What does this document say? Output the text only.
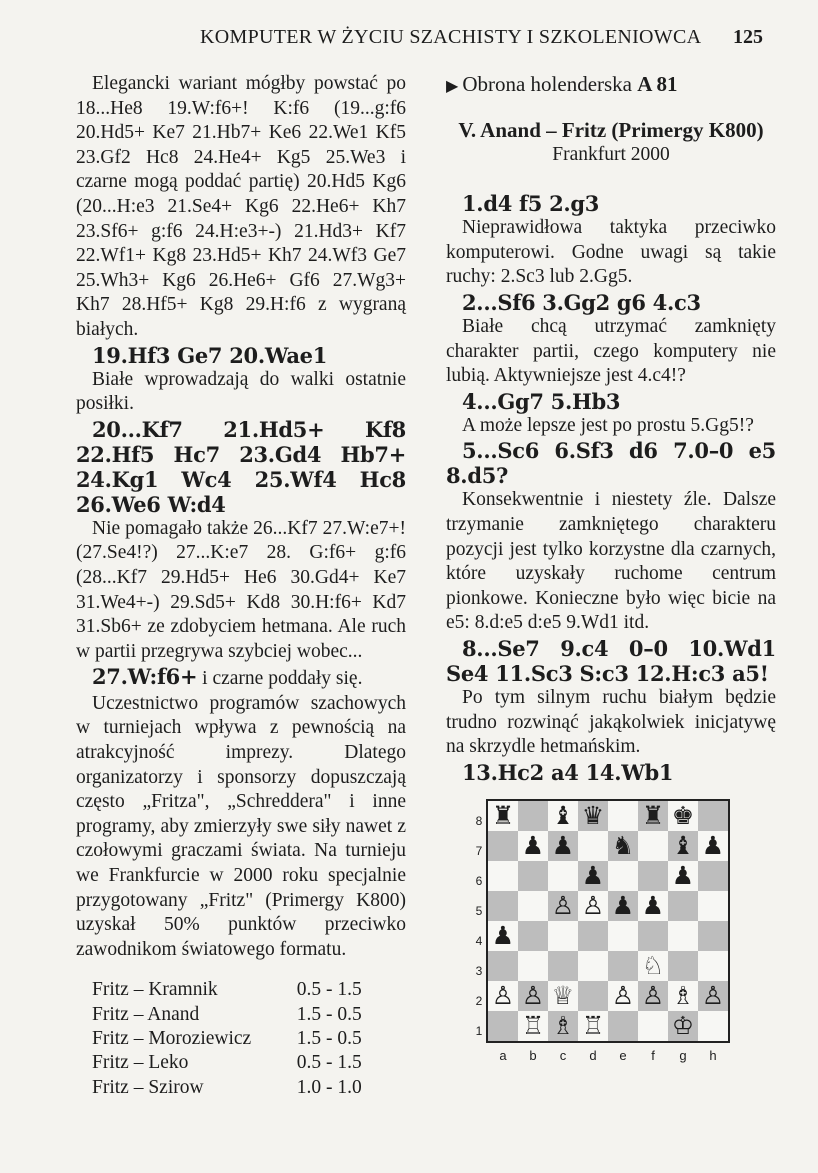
KOMPUTER W ŻYCIU SZACHISTY I SZKOLENIOWCA 125

Elegancki wariant mógłby powstać po 18...He8 19.W:f6+! K:f6 (19...g:f6 20.Hd5+ Ke7 21.Hb7+ Ke6 22.We1 Kf5 23.Gf2 Hc8 24.He4+ Kg5 25.We3 i czarne mogą poddać partię) 20.Hd5 Kg6 (20...H:e3 21.Se4+ Kg6 22.He6+ Kh7 23.Sf6+ g:f6 24.H:e3+-) 21.Hd3+ Kf7 22.Wf1+ Kg8 23.Hd5+ Kh7 24.Wf3 Ge7 25.Wh3+ Kg6 26.He6+ Gf6 27.Wg3+ Kh7 28.Hf5+ Kg8 29.H:f6 z wygraną białych.

19.Hf3 Ge7 20.Wae1

Białe wprowadzają do walki ostatnie posiłki.

20...Kf7 21.Hd5+ Kf8 22.Hf5 Hc7 23.Gd4 Hb7+ 24.Kg1 Wc4 25.Wf4 Hc8 26.We6 W:d4

Nie pomagało także 26...Kf7 27.W:e7+! (27.Se4!?) 27...K:e7 28. G:f6+ g:f6 (28...Kf7 29.Hd5+ He6 30.Gd4+ Ke7 31.We4+-) 29.Sd5+ Kd8 30.H:f6+ Kd7 31.Sb6+ ze zdobyciem hetmana. Ale ruch w partii przegrywa szybciej wobec...

27.W:f6+ i czarne poddały się.

Uczestnictwo programów szachowych w turniejach wpływa z pewnością na atrakcyjność imprezy. Dlatego organizatorzy i sponsorzy dopuszczają często „Fritza", „Schreddera" i inne programy, aby zmierzyły swe siły nawet z czołowymi graczami świata. Na turnieju we Frankfurcie w 2000 roku specjalnie przygotowany „Fritz" (Primergy K800) uzyskał 50% punktów przeciwko zawodnikom światowego formatu.

Fritz – Kramnik	0.5 - 1.5
Fritz – Anand	1.5 - 0.5
Fritz – Moroziewicz	1.5 - 0.5
Fritz – Leko	0.5 - 1.5
Fritz – Szirow	1.0 - 1.0
▶ Obrona holenderska A 81
V. Anand – Fritz (Primergy K800)
Frankfurt 2000

1.d4 f5 2.g3

Nieprawidłowa taktyka przeciwko komputerowi. Godne uwagi są takie ruchy: 2.Sc3 lub 2.Gg5.

2...Sf6 3.Gg2 g6 4.c3

Białe chcą utrzymać zamknięty charakter partii, czego komputery nie lubią. Aktywniejsze jest 4.c4!?

4...Gg7 5.Hb3

A może lepsze jest po prostu 5.Gg5!?

5...Sc6 6.Sf3 d6 7.0–0 e5 8.d5?

Konsekwentnie i niestety źle. Dalsze trzymanie zamkniętego charakteru pozycji jest tylko korzystne dla czarnych, które uzyskały ruchome centrum pionkowe. Konieczne było więc bicie na e5: 8.d:e5 d:e5 9.Wd1 itd.

8...Se7 9.c4 0–0 10.Wd1 Se4 11.Sc3 S:c3 12.H:c3 a5!

Po tym silnym ruchu białym będzie trudno rozwinąć jakąkolwiek inicjatywę na skrzydle hetmańskim.

13.Hc2 a4 14.Wb1

♜ ♝ ♛ ♜ ♚
♟ ♟ ♞ ♝ ♟
♟	♟
♙ ♙ ♟ ♟
♟
♘
♙ ♙ ♕ ♙ ♙ ♗ ♙
♖ ♗ ♖	♔
8
7
6
5
4
3
2
1
a	b	c	d	e	f	g	h
